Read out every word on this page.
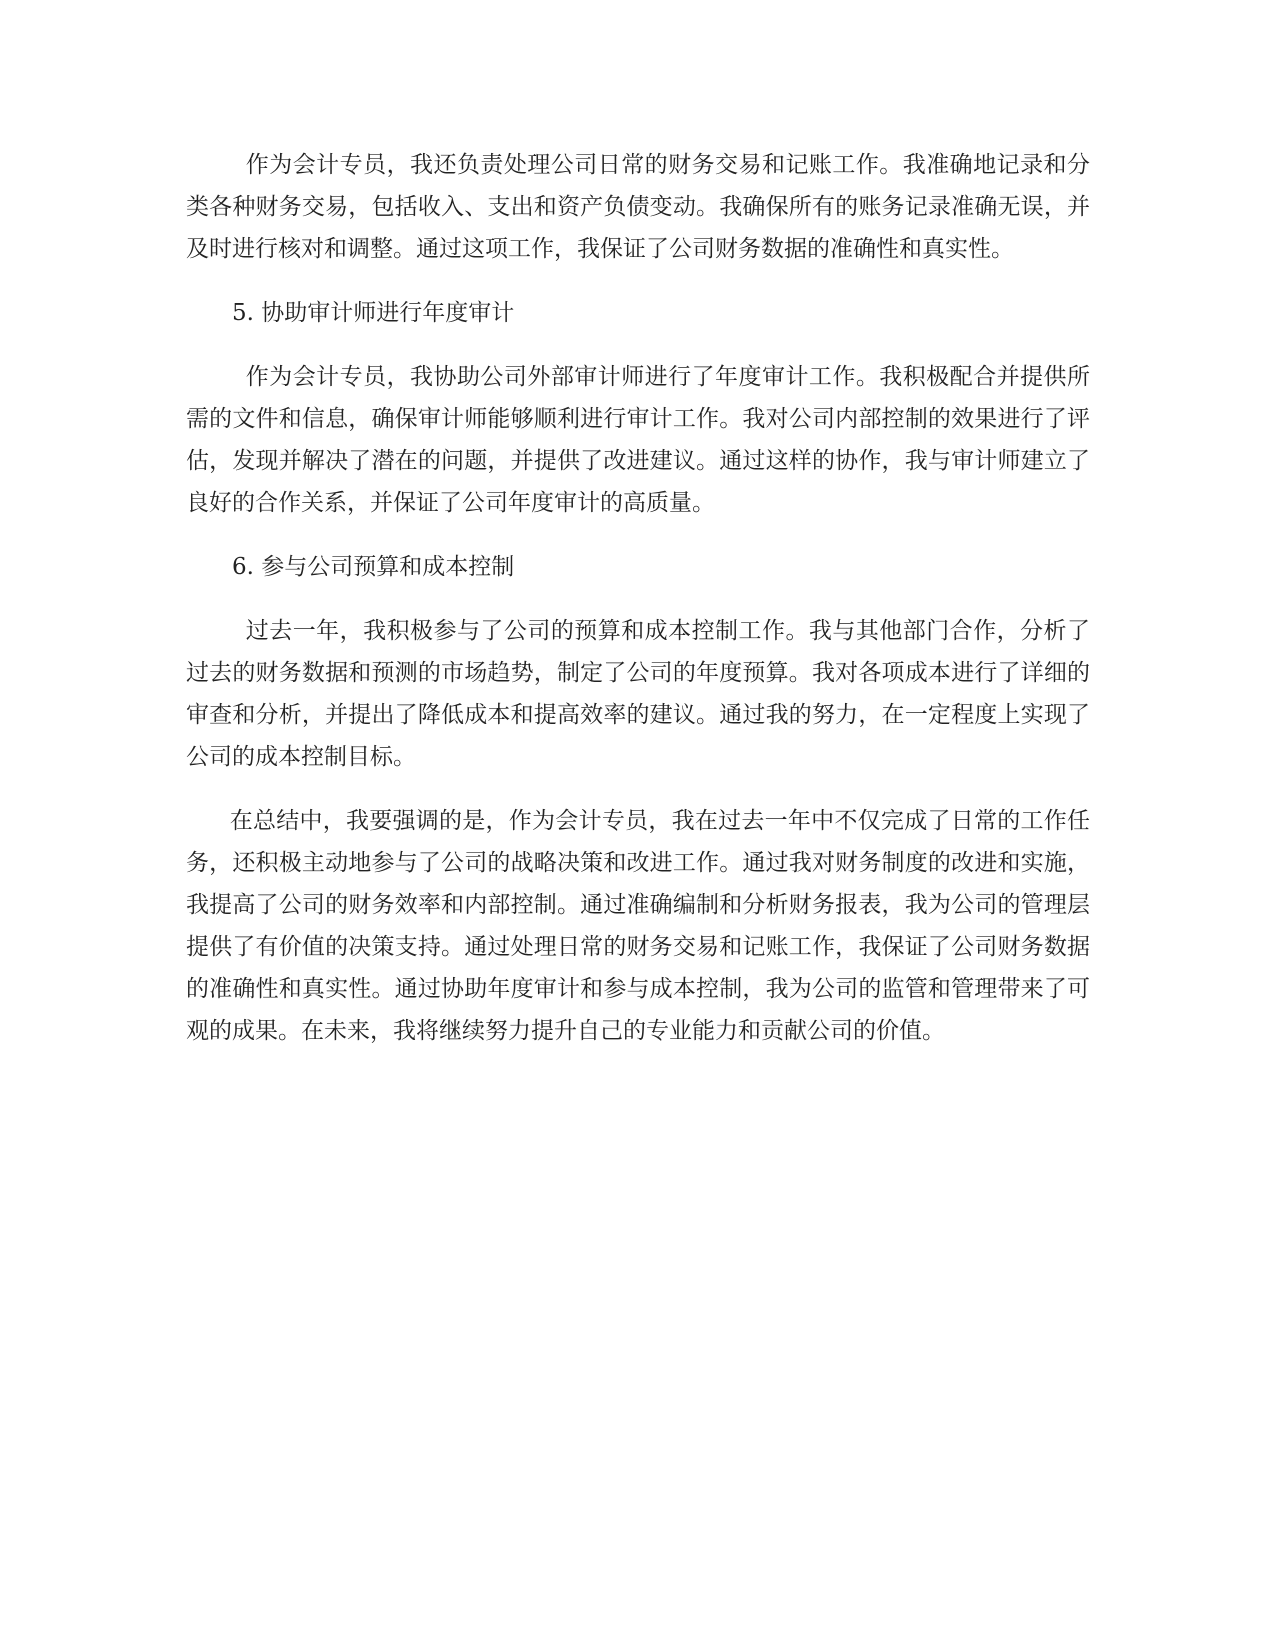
作为会计专员，我还负责处理公司日常的财务交易和记账工作。我准确地记录和分类各种财务交易，包括收入、支出和资产负债变动。我确保所有的账务记录准确无误，并及时进行核对和调整。通过这项工作，我保证了公司财务数据的准确性和真实性。

5. 协助审计师进行年度审计

作为会计专员，我协助公司外部审计师进行了年度审计工作。我积极配合并提供所需的文件和信息，确保审计师能够顺利进行审计工作。我对公司内部控制的效果进行了评估，发现并解决了潜在的问题，并提供了改进建议。通过这样的协作，我与审计师建立了良好的合作关系，并保证了公司年度审计的高质量。

6. 参与公司预算和成本控制

过去一年，我积极参与了公司的预算和成本控制工作。我与其他部门合作，分析了过去的财务数据和预测的市场趋势，制定了公司的年度预算。我对各项成本进行了详细的审查和分析，并提出了降低成本和提高效率的建议。通过我的努力，在一定程度上实现了公司的成本控制目标。

在总结中，我要强调的是，作为会计专员，我在过去一年中不仅完成了日常的工作任务，还积极主动地参与了公司的战略决策和改进工作。通过我对财务制度的改进和实施，我提高了公司的财务效率和内部控制。通过准确编制和分析财务报表，我为公司的管理层提供了有价值的决策支持。通过处理日常的财务交易和记账工作，我保证了公司财务数据的准确性和真实性。通过协助年度审计和参与成本控制，我为公司的监管和管理带来了可观的成果。在未来，我将继续努力提升自己的专业能力和贡献公司的价值。
